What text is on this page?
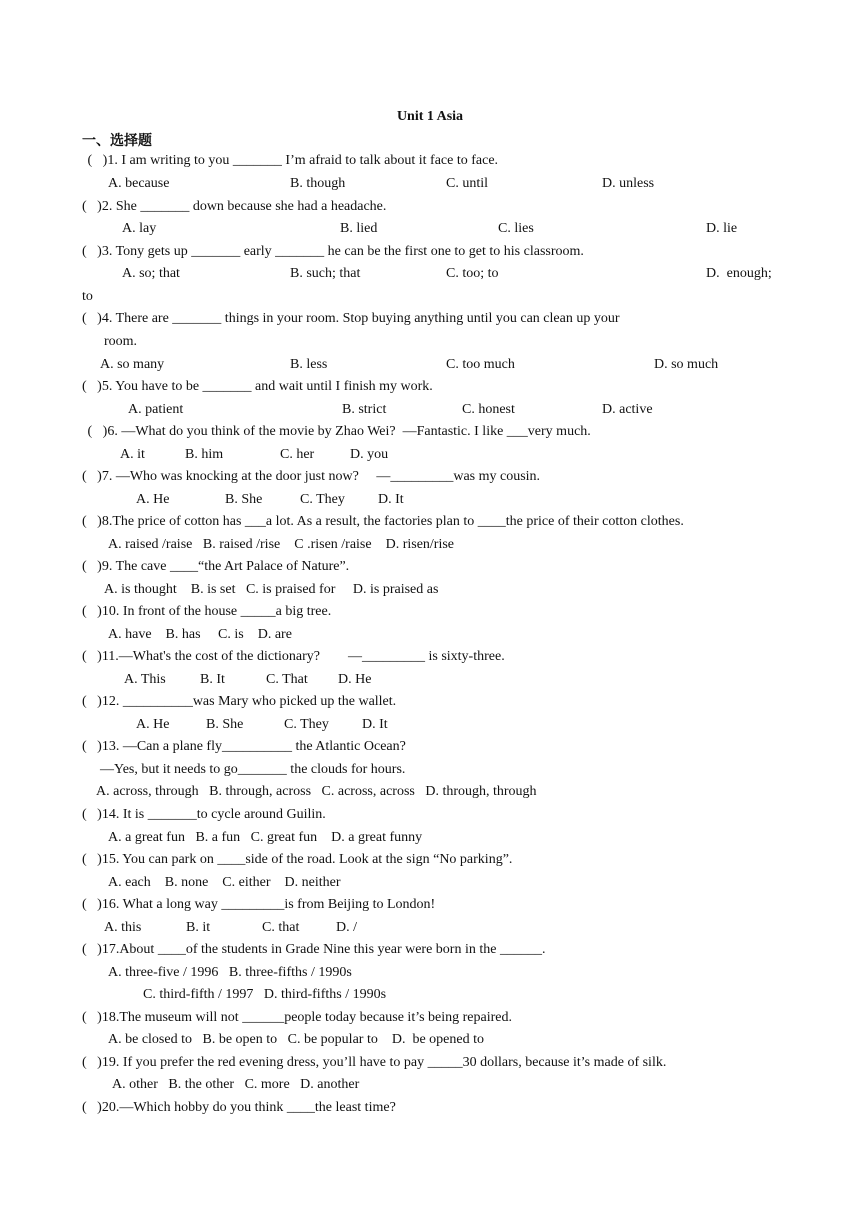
Unit 1 Asia
一、选择题
(   )1. I am writing to you _______ I’m afraid to talk about it face to face.
A. because	B. though	C. until	D. unless
(   )2. She _______ down because she had a headache.
A. lay	B. lied	C. lies	D. lie
(   )3. Tony gets up _______ early _______ he can be the first one to get to his classroom.
A. so; that	B. such; that	C. too; to	D.  enough;
to
(   )4. There are _______ things in your room. Stop buying anything until you can clean up your
room.
A. so many	B. less	C. too much	D. so much
(   )5. You have to be _______ and wait until I finish my work.
A. patient	B. strict	C. honest	D. active
(   )6. —What do you think of the movie by Zhao Wei?  —Fantastic. I like ___very much.
A. it	B. him	C. her	D. you
(   )7. —Who was knocking at the door just now?     —_________was my cousin.
A. He	B. She	C. They D. It
(   )8.The price of cotton has ___a lot. As a result, the factories plan to ____the price of their cotton clothes.
A. raised /raise   B. raised /rise    C .risen /raise    D. risen/rise
(   )9. The cave ____“the Art Palace of Nature”.
A. is thought    B. is set   C. is praised for     D. is praised as
(   )10. In front of the house _____a big tree.
A. have    B. has     C. is    D. are
(   )11.—What's the cost of the dictionary?        —_________ is sixty-three.
A. This B. It	C. That D. He
(   )12. __________was Mary who picked up the wallet.
A. He	B. She	C. They D. It
(   )13. —Can a plane fly__________ the Atlantic Ocean?
—Yes, but it needs to go_______ the clouds for hours.
A. across, through   B. through, across   C. across, across   D. through, through
(   )14. It is _______to cycle around Guilin.
A. a great fun   B. a fun   C. great fun    D. a great funny
(   )15. You can park on ____side of the road. Look at the sign “No parking”.
A. each    B. none    C. either    D. neither
(   )16. What a long way _________is from Beijing to London!
A. this	B. it	C. that	D. /
(   )17.About ____of the students in Grade Nine this year were born in the ______.
A. three-five / 1996   B. three-fifths / 1990s
C. third-fifth / 1997   D. third-fifths / 1990s
(   )18.The museum will not ______people today because it’s being repaired.
A. be closed to   B. be open to   C. be popular to    D.  be opened to
(   )19. If you prefer the red evening dress, you’ll have to pay _____30 dollars, because it’s made of silk.
A. other   B. the other   C. more   D. another
(   )20.—Which hobby do you think ____the least time?
